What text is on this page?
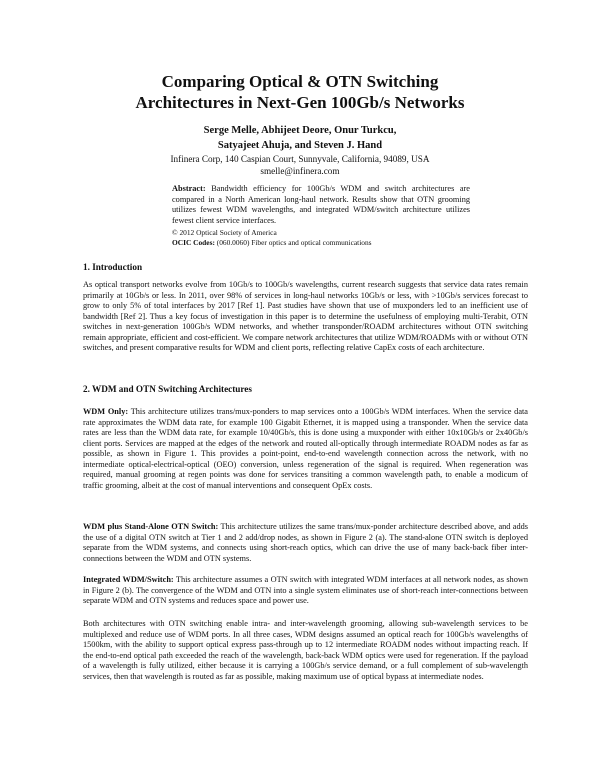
Comparing Optical & OTN Switching
Architectures in Next-Gen 100Gb/s Networks
Serge Melle, Abhijeet Deore, Onur Turkcu,
Satyajeet Ahuja, and Steven J. Hand
Infinera Corp, 140 Caspian Court, Sunnyvale, California, 94089, USA
smelle@infinera.com
Abstract: Bandwidth efficiency for 100Gb/s WDM and switch architectures are compared in a North American long-haul network. Results show that OTN grooming utilizes fewest WDM wavelengths, and integrated WDM/switch architecture utilizes fewest client service interfaces.
© 2012 Optical Society of America
OCIC Codes: (060.0060) Fiber optics and optical communications
1. Introduction

As optical transport networks evolve from 10Gb/s to 100Gb/s wavelengths, current research suggests that service data rates remain primarily at 10Gb/s or less. In 2011, over 98% of services in long-haul networks 10Gb/s or less, with >10Gb/s services forecast to grow to only 5% of total interfaces by 2017 [Ref 1]. Past studies have shown that use of muxponders led to an inefficient use of bandwidth [Ref 2]. Thus a key focus of investigation in this paper is to determine the usefulness of employing multi-Terabit, OTN switches in next-generation 100Gb/s WDM networks, and whether transponder/ROADM architectures without OTN switching remain appropriate, efficient and cost-efficient. We compare network architectures that utilize WDM/ROADMs with or without OTN switches, and present comparative results for WDM and client ports, reflecting relative CapEx costs of each architecture.

2. WDM and OTN Switching Architectures

WDM Only: This architecture utilizes trans/mux-ponders to map services onto a 100Gb/s WDM interfaces. When the service data rate approximates the WDM data rate, for example 100 Gigabit Ethernet, it is mapped using a transponder. When the service data rates are less than the WDM data rate, for example 10/40Gb/s, this is done using a muxponder with either 10x10Gb/s or 2x40Gb/s client ports. Services are mapped at the edges of the network and routed all-optically through intermediate ROADM nodes as far as possible, as shown in Figure 1. This provides a point-point, end-to-end wavelength connection across the network, with no intermediate optical-electrical-optical (OEO) conversion, unless regeneration of the signal is required. When regeneration was required, manual grooming at regen points was done for services transiting a common wavelength path, to enable a modicum of traffic grooming, albeit at the cost of manual interventions and consequent OpEx costs.

WDM plus Stand-Alone OTN Switch: This architecture utilizes the same trans/mux-ponder architecture described above, and adds the use of a digital OTN switch at Tier 1 and 2 add/drop nodes, as shown in Figure 2 (a). The stand-alone OTN switch is deployed separate from the WDM systems, and connects using short-reach optics, which can drive the use of many back-back fiber inter-connections between the WDM and OTN systems.

Integrated WDM/Switch: This architecture assumes a OTN switch with integrated WDM interfaces at all network nodes, as shown in Figure 2 (b). The convergence of the WDM and OTN into a single system eliminates use of short-reach inter-connections between separate WDM and OTN systems and reduces space and power use.

Both architectures with OTN switching enable intra- and inter-wavelength grooming, allowing sub-wavelength services to be multiplexed and reduce use of WDM ports. In all three cases, WDM designs assumed an optical reach for 100Gb/s wavelengths of 1500km, with the ability to support optical express pass-through up to 12 intermediate ROADM nodes without impacting reach. If the end-to-end optical path exceeded the reach of the wavelength, back-back WDM optics were used for regeneration. If the payload of a wavelength is fully utilized, either because it is carrying a 100Gb/s service demand, or a full complement of sub-wavelength services, then that wavelength is routed as far as possible, making maximum use of optical bypass at intermediate nodes.
